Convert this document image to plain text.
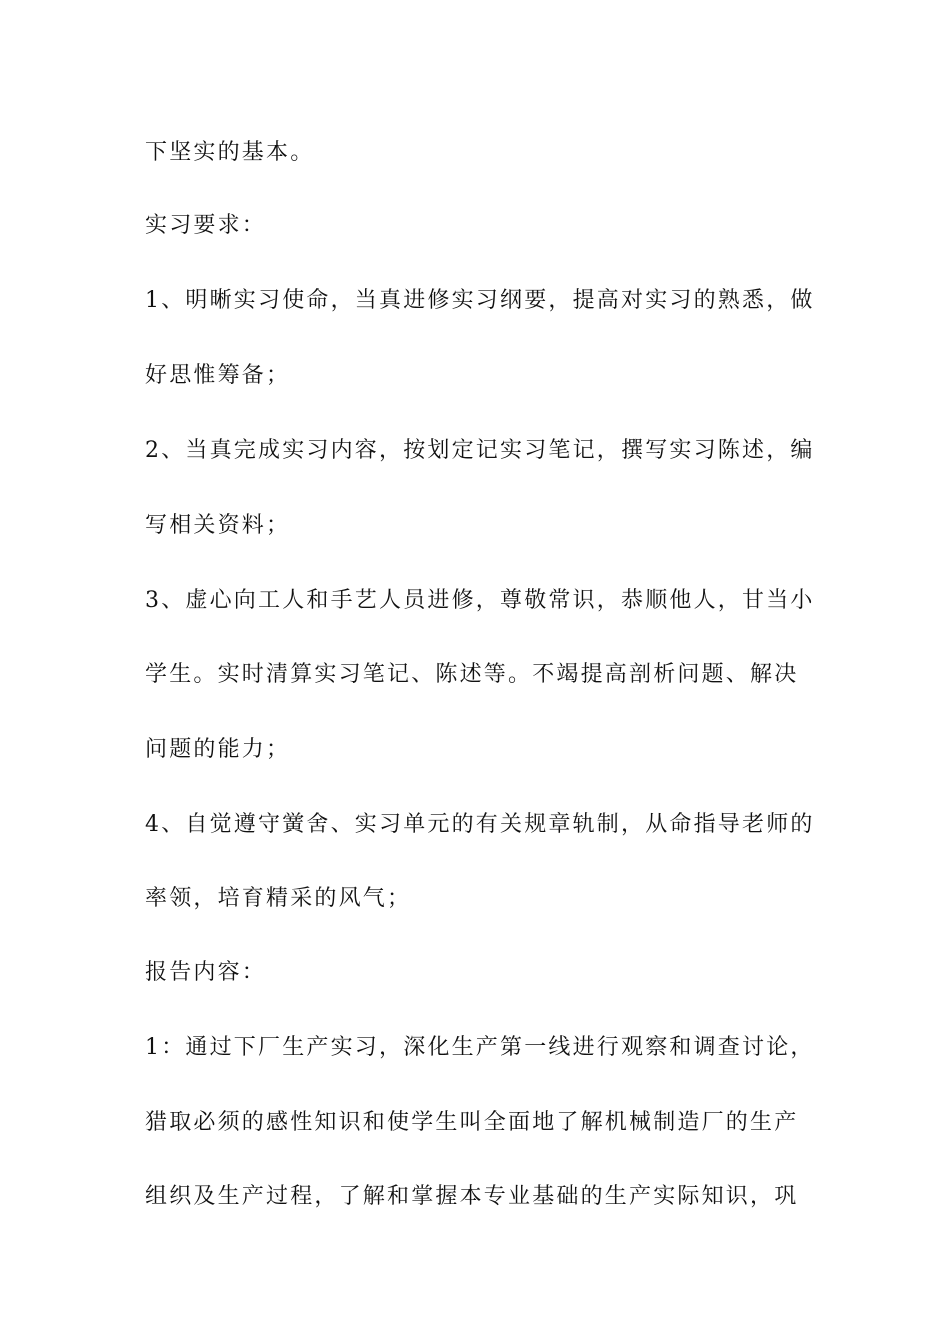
下坚实的基本。
实习要求：
1、明晰实习使命，当真进修实习纲要，提高对实习的熟悉，做
好思惟筹备；
2、当真完成实习内容，按划定记实习笔记，撰写实习陈述，编
写相关资料；
3、虚心向工人和手艺人员进修，尊敬常识，恭顺他人，甘当小
学生。实时清算实习笔记、陈述等。不竭提高剖析问题、解决
问题的能力；
4、自觉遵守黉舍、实习单元的有关规章轨制，从命指导老师的
率领，培育精采的风气；
报告内容：
1：通过下厂生产实习，深化生产第一线进行观察和调查讨论，
猎取必须的感性知识和使学生叫全面地了解机械制造厂的生产
组织及生产过程，了解和掌握本专业基础的生产实际知识，巩
